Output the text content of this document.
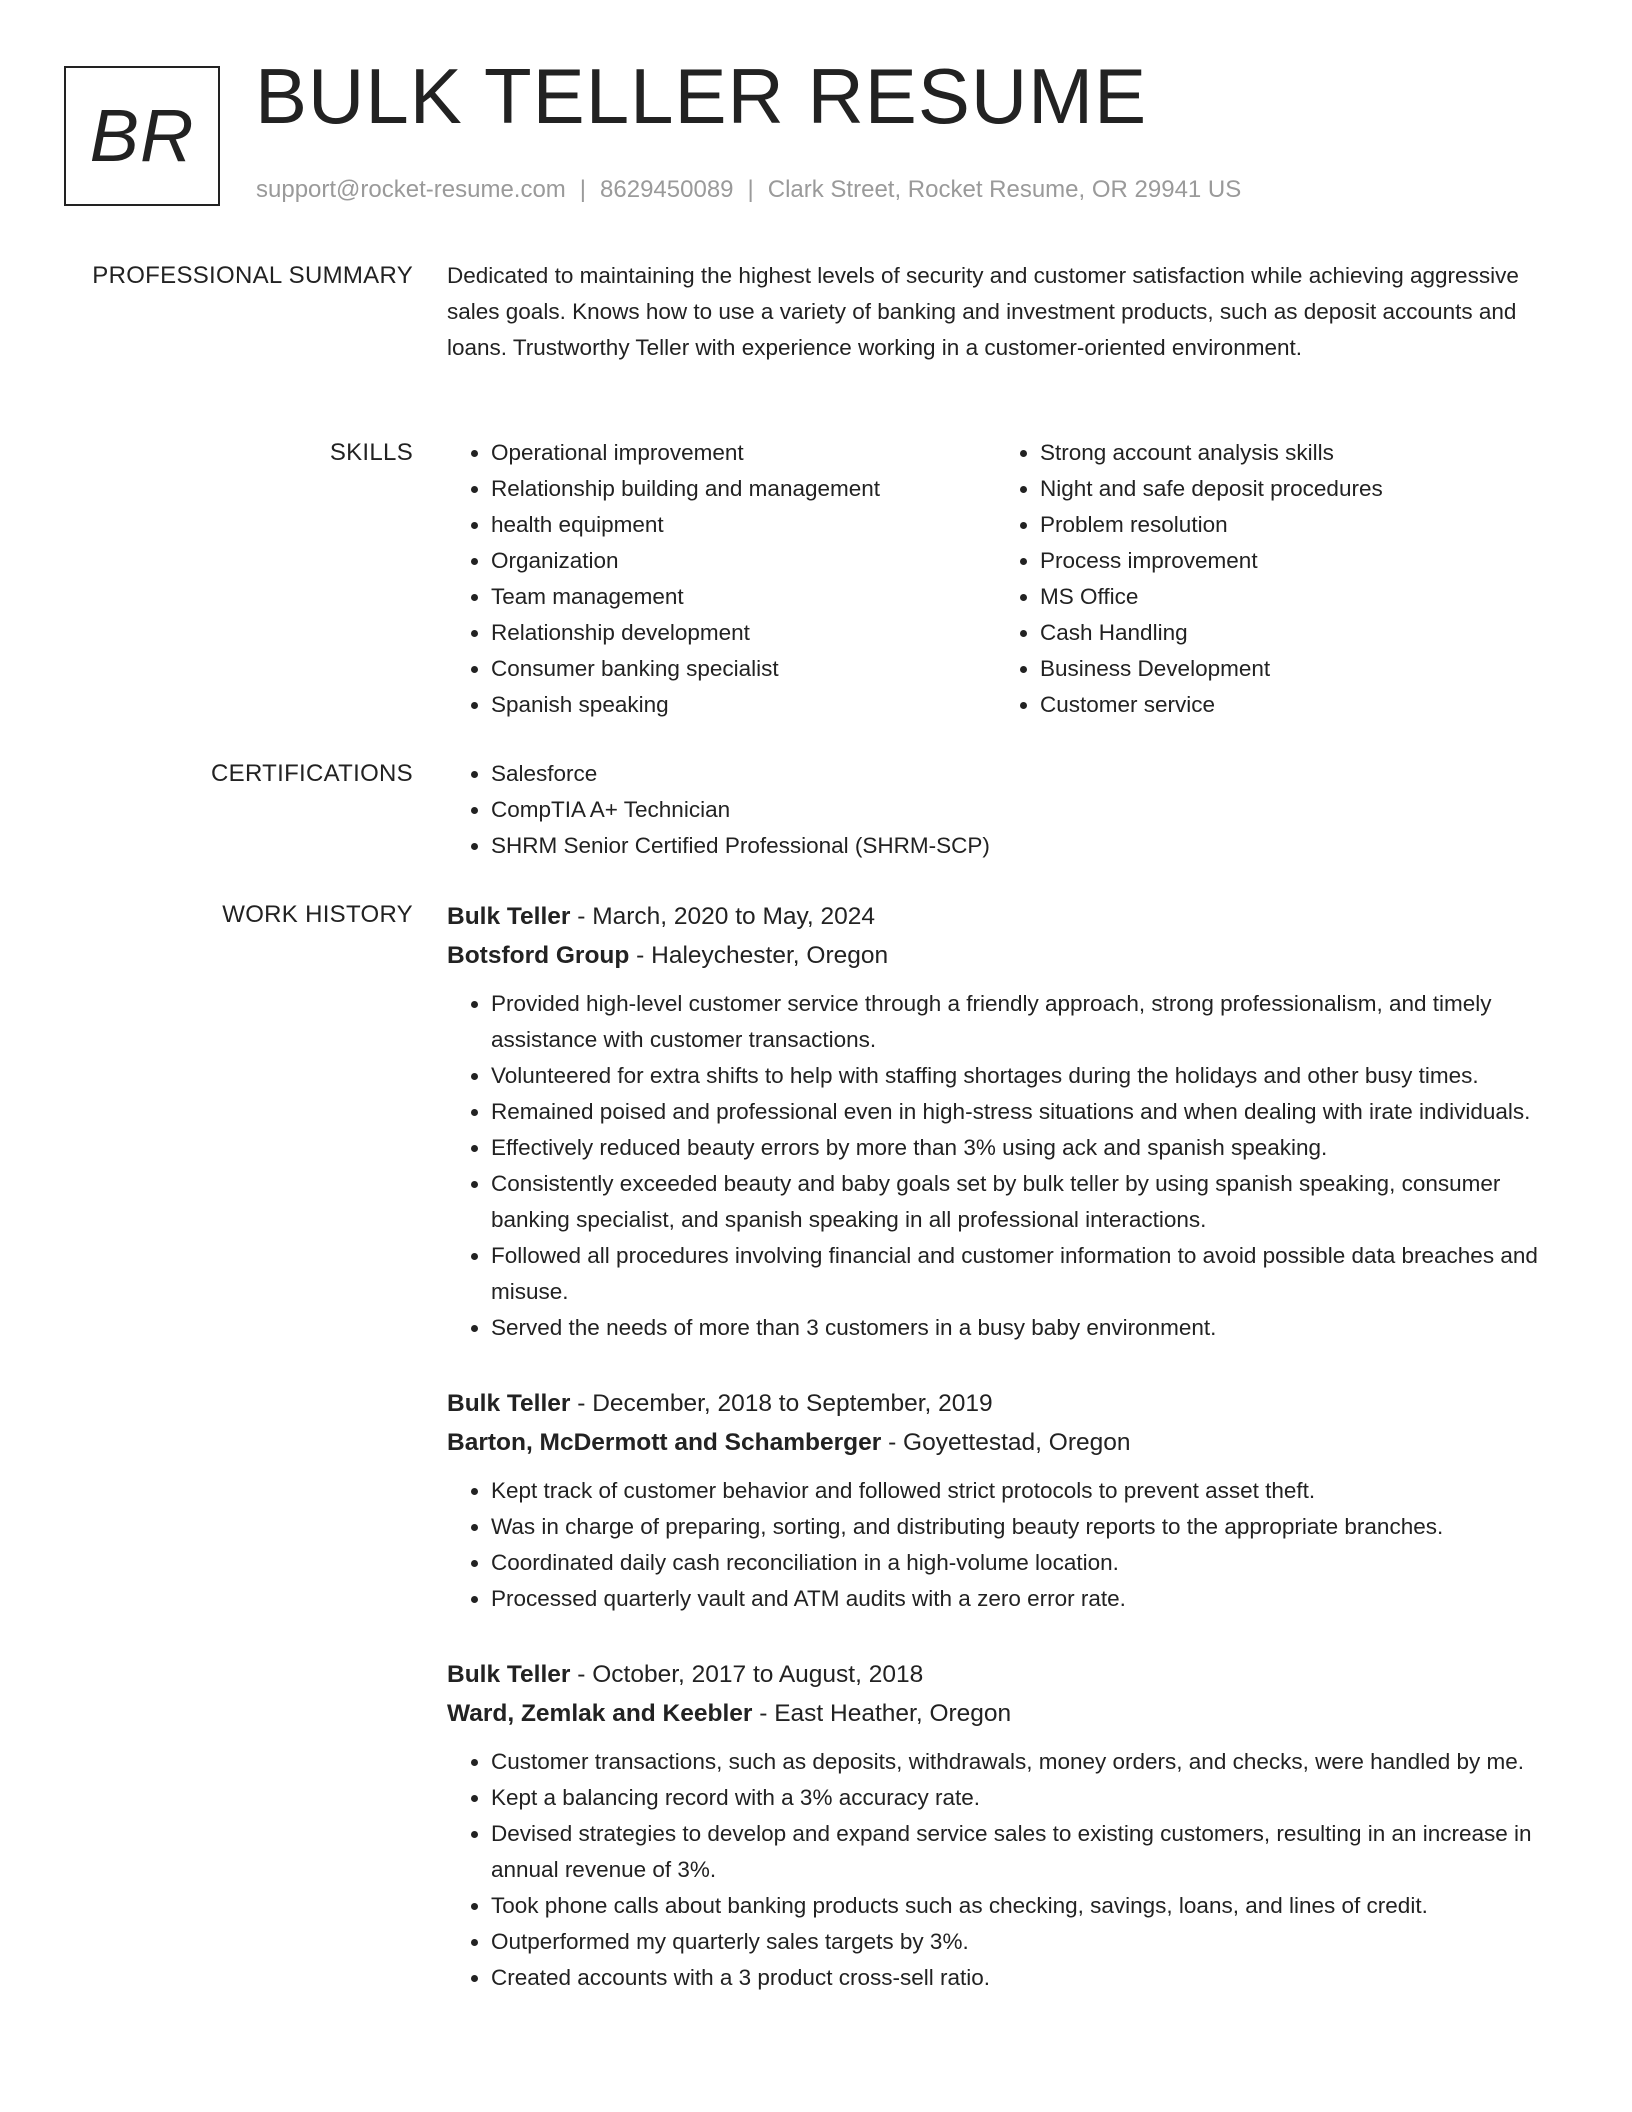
BR BULK TELLER RESUME
support@rocket-resume.com | 8629450089 | Clark Street, Rocket Resume, OR 29941 US
PROFESSIONAL SUMMARY Dedicated to maintaining the highest levels of security and customer satisfaction while achieving aggressive sales goals. Knows how to use a variety of banking and investment products, such as deposit accounts and loans. Trustworthy Teller with experience working in a customer-oriented environment.

SKILLS	• Operational improvement
• Relationship building and management
• health equipment
• Organization
• Team management
• Relationship development
• Consumer banking specialist
• Spanish speaking
• Strong account analysis skills
• Night and safe deposit procedures
• Problem resolution
• Process improvement
• MS Office
• Cash Handling
• Business Development
• Customer service
CERTIFICATIONS	• Salesforce
• CompTIA A+ Technician
• SHRM Senior Certified Professional (SHRM-SCP)
WORK HISTORY Bulk Teller - March, 2020 to May, 2024
Botsford Group - Haleychester, Oregon
• Provided high-level customer service through a friendly approach, strong professionalism, and timely assistance with customer transactions.
• Volunteered for extra shifts to help with staffing shortages during the holidays and other busy times.
• Remained poised and professional even in high-stress situations and when dealing with irate individuals.
• Effectively reduced beauty errors by more than 3% using ack and spanish speaking.
• Consistently exceeded beauty and baby goals set by bulk teller by using spanish speaking, consumer banking specialist, and spanish speaking in all professional interactions.
• Followed all procedures involving financial and customer information to avoid possible data breaches and misuse.
• Served the needs of more than 3 customers in a busy baby environment.
Bulk Teller - December, 2018 to September, 2019
Barton, McDermott and Schamberger - Goyettestad, Oregon
• Kept track of customer behavior and followed strict protocols to prevent asset theft.
• Was in charge of preparing, sorting, and distributing beauty reports to the appropriate branches.
• Coordinated daily cash reconciliation in a high-volume location.
• Processed quarterly vault and ATM audits with a zero error rate.
Bulk Teller - October, 2017 to August, 2018
Ward, Zemlak and Keebler - East Heather, Oregon
• Customer transactions, such as deposits, withdrawals, money orders, and checks, were handled by me.
• Kept a balancing record with a 3% accuracy rate.
• Devised strategies to develop and expand service sales to existing customers, resulting in an increase in annual revenue of 3%.
• Took phone calls about banking products such as checking, savings, loans, and lines of credit.
• Outperformed my quarterly sales targets by 3%.
• Created accounts with a 3 product cross-sell ratio.
